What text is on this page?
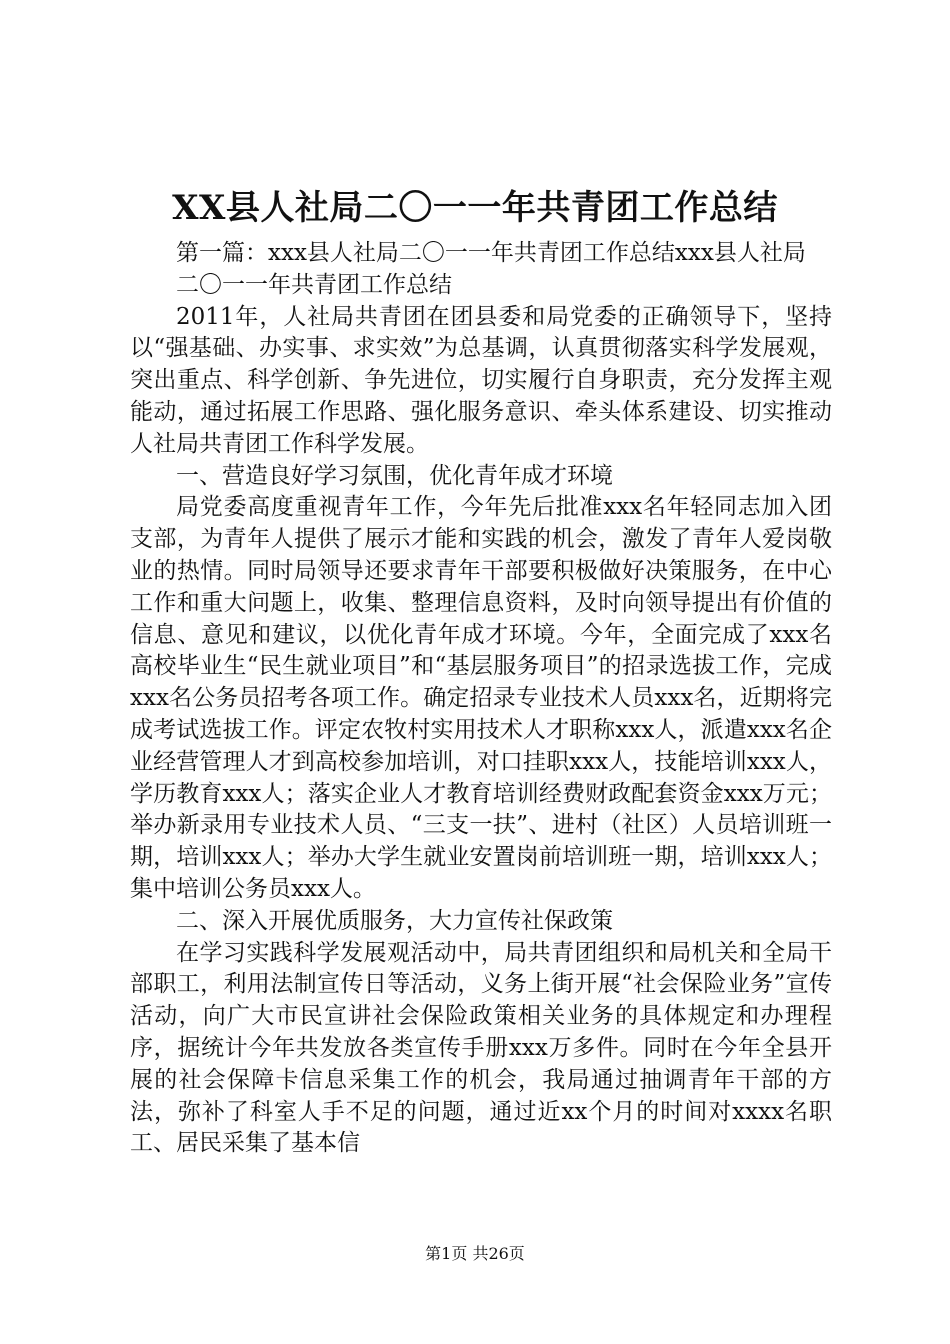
XX县人社局二〇一一年共青团工作总结

第一篇：xxx县人社局二〇一一年共青团工作总结xxx县人社局

二〇一一年共青团工作总结

2011年，人社局共青团在团县委和局党委的正确领导下，坚持以“强基础、办实事、求实效”为总基调，认真贯彻落实科学发展观，突出重点、科学创新、争先进位，切实履行自身职责，充分发挥主观能动，通过拓展工作思路、强化服务意识、牵头体系建设、切实推动人社局共青团工作科学发展。

一、营造良好学习氛围，优化青年成才环境

局党委高度重视青年工作，今年先后批准xxx名年轻同志加入团支部，为青年人提供了展示才能和实践的机会，激发了青年人爱岗敬业的热情。同时局领导还要求青年干部要积极做好决策服务，在中心工作和重大问题上，收集、整理信息资料，及时向领导提出有价值的信息、意见和建议，以优化青年成才环境。今年，全面完成了xxx名高校毕业生“民生就业项目”和“基层服务项目”的招录选拔工作，完成xxx名公务员招考各项工作。确定招录专业技术人员xxx名，近期将完成考试选拔工作。评定农牧村实用技术人才职称xxx人，派遣xxx名企业经营管理人才到高校参加培训，对口挂职xxx人，技能培训xxx人，学历教育xxx人；落实企业人才教育培训经费财政配套资金xxx万元；举办新录用专业技术人员、“三支一扶”、进村（社区）人员培训班一期，培训xxx人；举办大学生就业安置岗前培训班一期，培训xxx人；集中培训公务员xxx人。

二、深入开展优质服务，大力宣传社保政策

在学习实践科学发展观活动中，局共青团组织和局机关和全局干部职工，利用法制宣传日等活动，义务上街开展“社会保险业务”宣传活动，向广大市民宣讲社会保险政策相关业务的具体规定和办理程序，据统计今年共发放各类宣传手册xxx万多件。同时在今年全县开展的社会保障卡信息采集工作的机会，我局通过抽调青年干部的方法，弥补了科室人手不足的问题，通过近xx个月的时间对xxxx名职工、居民采集了基本信

第1页 共26页
